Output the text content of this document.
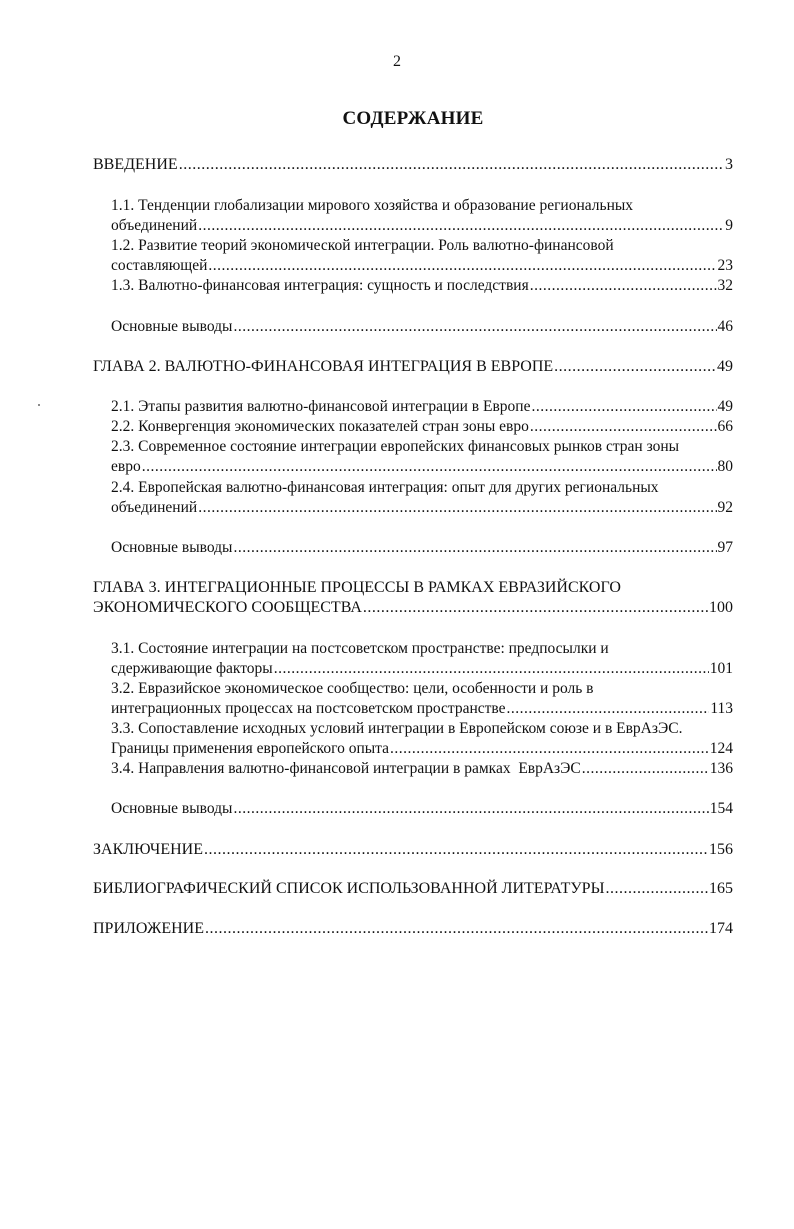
2
СОДЕРЖАНИЕ
ВВЕДЕНИЕ .....	3
1.1. Тенденции глобализации мирового хозяйства и образование региональных
объединений .....	9
1.2. Развитие теорий экономической интеграции. Роль валютно-финансовой
составляющей .....	23
1.3. Валютно-финансовая интеграция: сущность и последствия .....	32
Основные выводы .....	46
ГЛАВА 2. ВАЛЮТНО-ФИНАНСОВАЯ ИНТЕГРАЦИЯ В ЕВРОПЕ .....	49
2.1. Этапы развития валютно-финансовой интеграции в Европе .....	49
2.2. Конвергенция экономических показателей стран зоны евро .....	66
2.3. Современное состояние интеграции европейских финансовых рынков стран зоны
евро .....	80
2.4. Европейская валютно-финансовая интеграция: опыт для других региональных
объединений .....	92
Основные выводы .....	97
ГЛАВА 3. ИНТЕГРАЦИОННЫЕ ПРОЦЕССЫ В РАМКАХ ЕВРАЗИЙСКОГО
ЭКОНОМИЧЕСКОГО СООБЩЕСТВА .....	100
3.1. Состояние интеграции на постсоветском пространстве: предпосылки и
сдерживающие факторы .....	101
3.2. Евразийское экономическое сообщество: цели, особенности и роль в
интеграционных процессах на постсоветском пространстве .....	113
3.3. Сопоставление исходных условий интеграции в Европейском союзе и в ЕврАзЭС.
Границы применения европейского опыта .....	124
3.4. Направления валютно-финансовой интеграции в рамках  ЕврАзЭС .....	136
Основные выводы .....	154
ЗАКЛЮЧЕНИЕ .....	156
БИБЛИОГРАФИЧЕСКИЙ СПИСОК ИСПОЛЬЗОВАННОЙ ЛИТЕРАТУРЫ .....	165
ПРИЛОЖЕНИЕ .....	174
